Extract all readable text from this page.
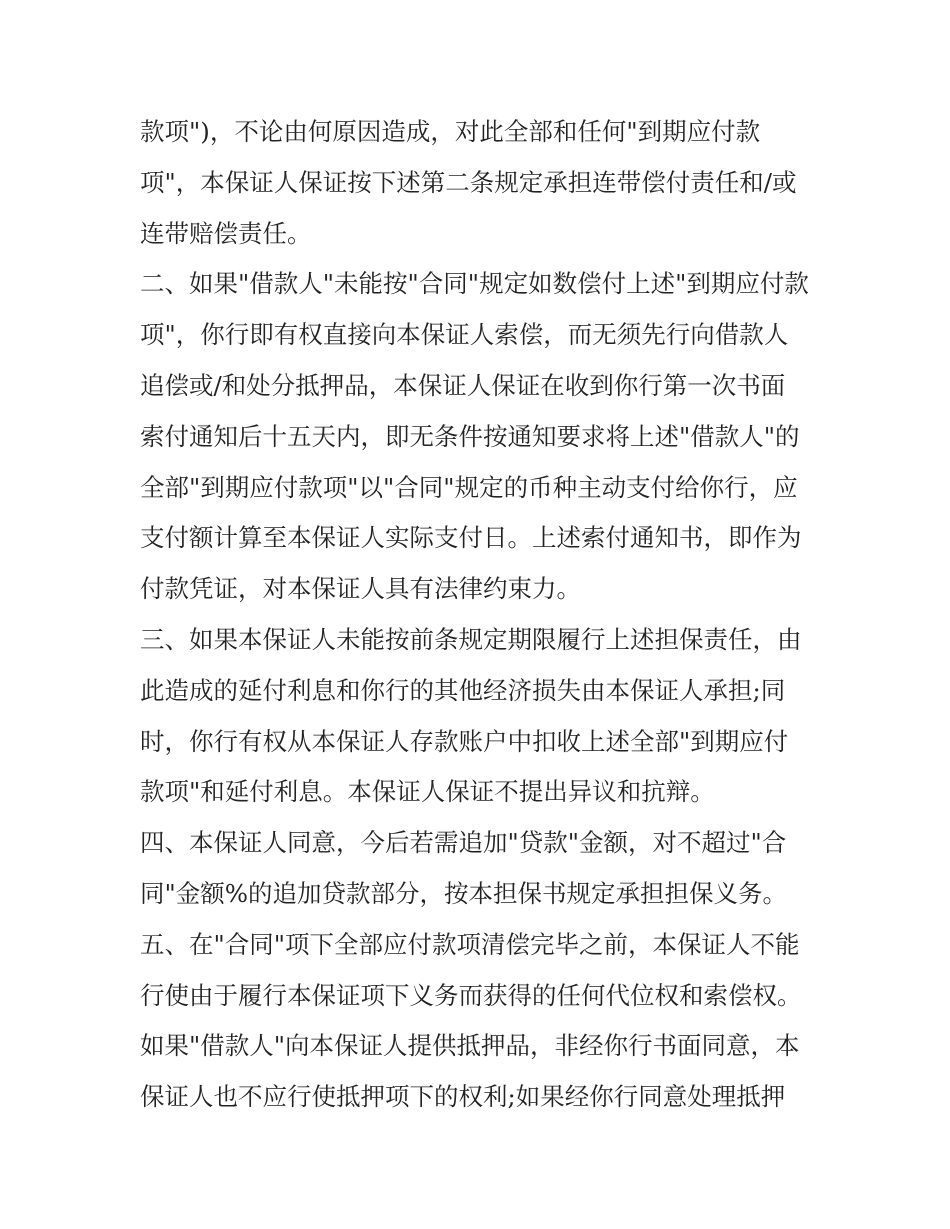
款项")，不论由何原因造成，对此全部和任何"到期应付款
项"，本保证人保证按下述第二条规定承担连带偿付责任和/或
连带赔偿责任。
二、如果"借款人"未能按"合同"规定如数偿付上述"到期应付款
项"，你行即有权直接向本保证人索偿，而无须先行向借款人
追偿或/和处分抵押品，本保证人保证在收到你行第一次书面
索付通知后十五天内，即无条件按通知要求将上述"借款人"的
全部"到期应付款项"以"合同"规定的币种主动支付给你行，应
支付额计算至本保证人实际支付日。上述索付通知书，即作为
付款凭证，对本保证人具有法律约束力。
三、如果本保证人未能按前条规定期限履行上述担保责任，由
此造成的延付利息和你行的其他经济损失由本保证人承担;同
时，你行有权从本保证人存款账户中扣收上述全部"到期应付
款项"和延付利息。本保证人保证不提出异议和抗辩。
四、本保证人同意，今后若需追加"贷款"金额，对不超过"合
同"金额%的追加贷款部分，按本担保书规定承担担保义务。
五、在"合同"项下全部应付款项清偿完毕之前，本保证人不能
行使由于履行本保证项下义务而获得的任何代位权和索偿权。
如果"借款人"向本保证人提供抵押品，非经你行书面同意，本
保证人也不应行使抵押项下的权利;如果经你行同意处理抵押
